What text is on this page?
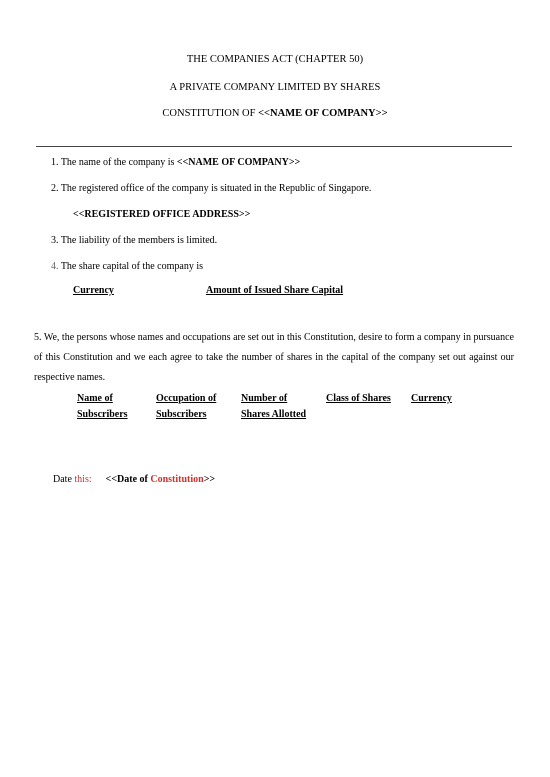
THE COMPANIES ACT (CHAPTER 50)
A PRIVATE COMPANY LIMITED BY SHARES
CONSTITUTION OF <<NAME OF COMPANY>>
1. The name of the company is <<NAME OF COMPANY>>
2. The registered office of the company is situated in the Republic of Singapore.
<<REGISTERED OFFICE ADDRESS>>
3. The liability of the members is limited.
4. The share capital of the company is
Currency	Amount of Issued Share Capital
5. We, the persons whose names and occupations are set out in this Constitution, desire to form a company in pursuance of this Constitution and we each agree to take the number of shares in the capital of the company set out against our respective names.
Name of
Subscribers
Occupation of
Subscribers
Number of
Shares Allotted
Class of Shares Currency
Date this: <<Date of Constitution>>
